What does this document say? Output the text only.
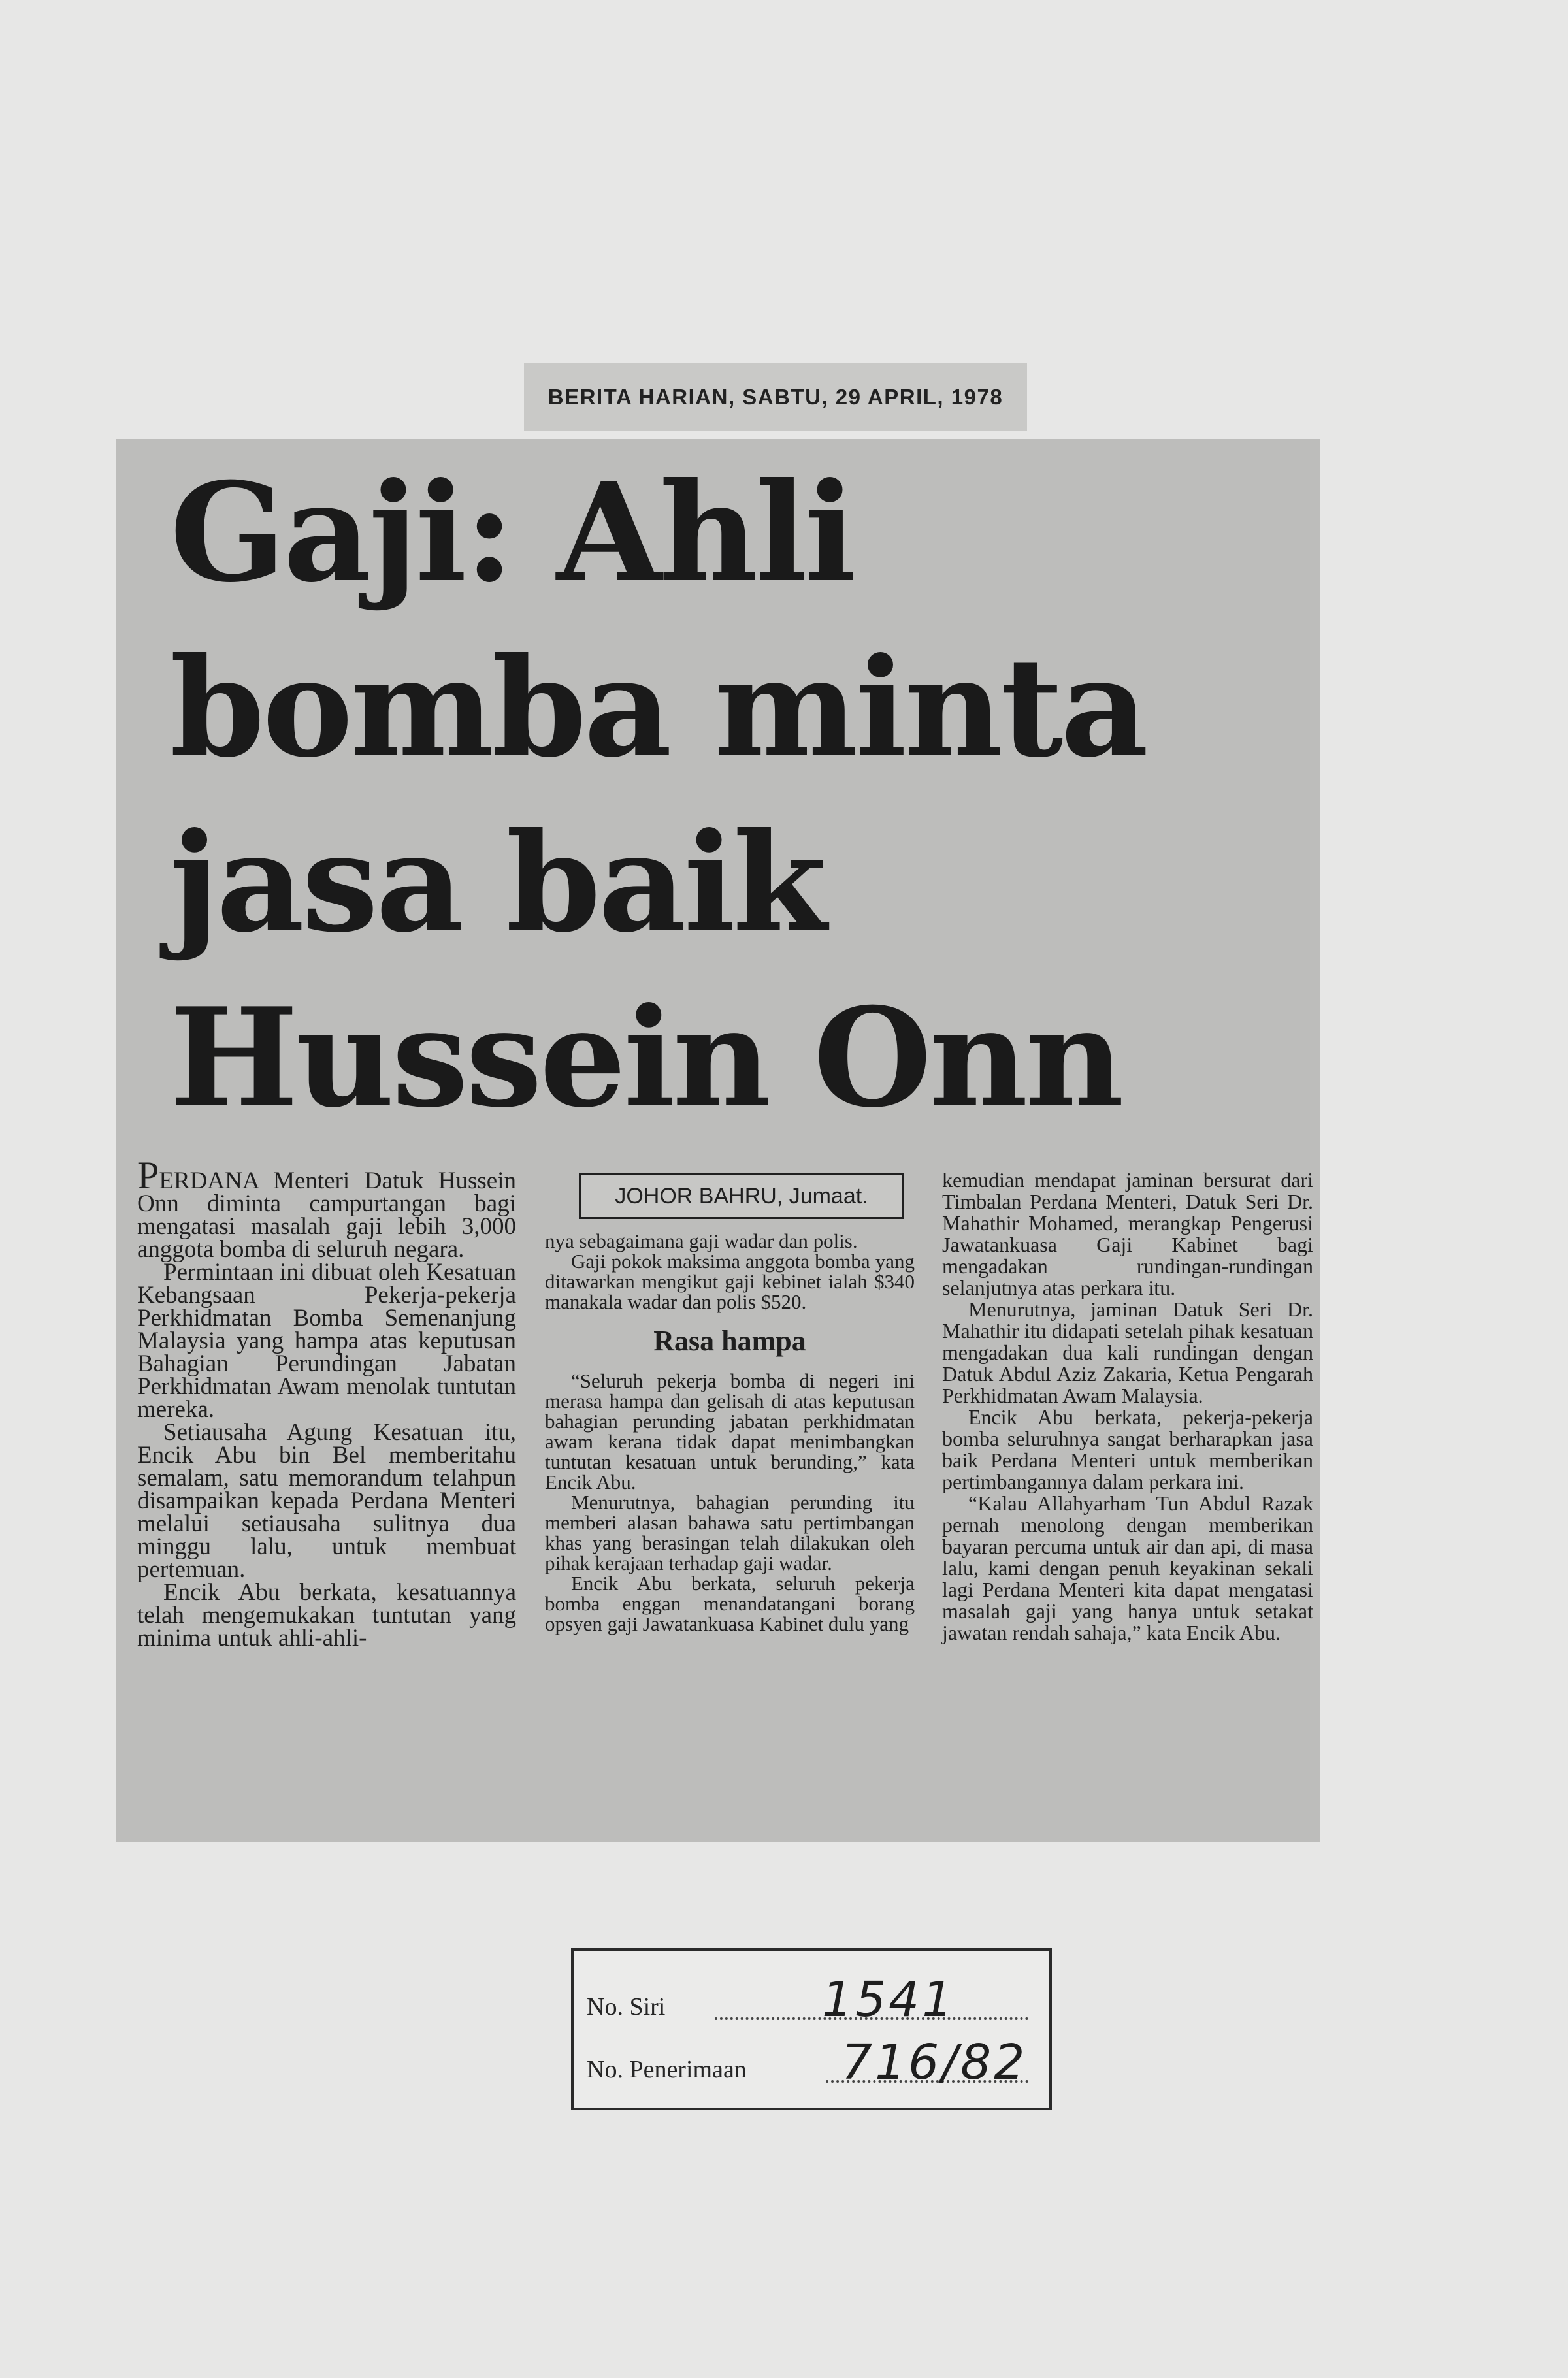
BERITA HARIAN, SABTU, 29 APRIL, 1978
Gaji: Ahli
bomba minta
jasa baik
Hussein Onn

PERDANA Menteri Datuk Hussein Onn diminta campurtangan bagi mengatasi masalah gaji lebih 3,000 anggota bomba di seluruh negara.

Permintaan ini dibuat oleh Kesatuan Kebangsaan Pekerja-pekerja Perkhidmatan Bomba Semenanjung Malaysia yang hampa atas keputusan Bahagian Perundingan Jabatan Perkhidmatan Awam menolak tuntutan mereka.

Setiausaha Agung Kesatuan itu, Encik Abu bin Bel memberitahu semalam, satu memorandum telahpun disampaikan kepada Perdana Menteri melalui setiausaha sulitnya dua minggu lalu, untuk membuat pertemuan.

Encik Abu berkata, kesatuannya telah mengemukakan tuntutan yang minima untuk ahli-ahli-

JOHOR BAHRU, Jumaat.

nya sebagaimana gaji wadar dan polis.

Gaji pokok maksima anggota bomba yang ditawarkan mengikut gaji kebinet ialah $340 manakala wadar dan polis $520.

Rasa hampa

“Seluruh pekerja bomba di negeri ini merasa hampa dan gelisah di atas keputusan bahagian perunding jabatan perkhidmatan awam kerana tidak dapat menimbangkan tuntutan kesatuan untuk berunding,” kata Encik Abu.

Menurutnya, bahagian perunding itu memberi alasan bahawa satu pertimbangan khas yang berasingan telah dilakukan oleh pihak kerajaan terhadap gaji wadar.

Encik Abu berkata, seluruh pekerja bomba enggan menandatangani borang opsyen gaji Jawatankuasa Kabinet dulu yang

kemudian mendapat jaminan bersurat dari Timbalan Perdana Menteri, Datuk Seri Dr. Mahathir Mohamed, merangkap Pengerusi Jawatankuasa Gaji Kabinet bagi mengadakan rundingan-rundingan selanjutnya atas perkara itu.

Menurutnya, jaminan Datuk Seri Dr. Mahathir itu didapati setelah pihak kesatuan mengadakan dua kali rundingan dengan Datuk Abdul Aziz Zakaria, Ketua Pengarah Perkhidmatan Awam Malaysia.

Encik Abu berkata, pekerja-pekerja bomba seluruhnya sangat berharapkan jasa baik Perdana Menteri untuk memberikan pertimbangannya dalam perkara ini.

“Kalau Allahyarham Tun Abdul Razak pernah menolong dengan memberikan bayaran percuma untuk air dan api, di masa lalu, kami dengan penuh keyakinan sekali lagi Perdana Menteri kita dapat mengatasi masalah gaji yang hanya untuk setakat jawatan rendah sahaja,” kata Encik Abu.

No. Siri	1541
No. Penerimaan 716/82
